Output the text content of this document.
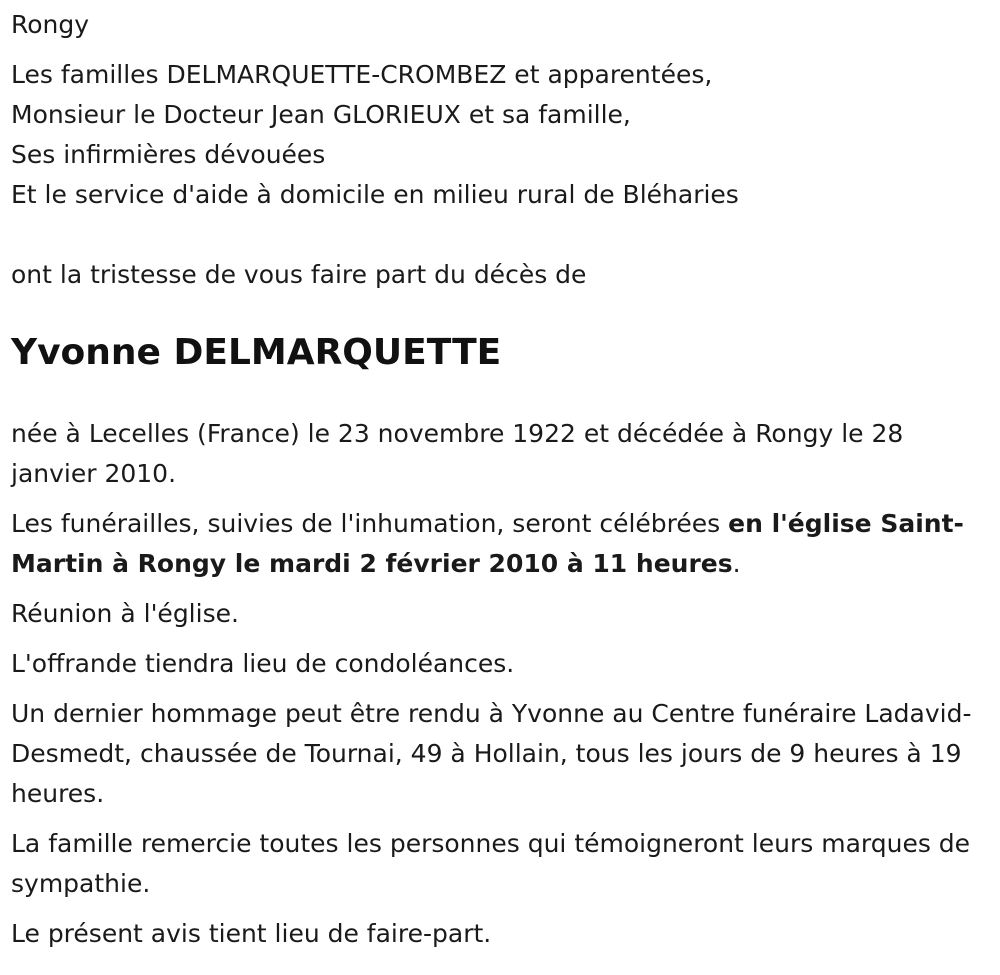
Rongy

Les familles DELMARQUETTE-CROMBEZ et apparentées,
Monsieur le Docteur Jean GLORIEUX et sa famille,
Ses infirmières dévouées
Et le service d'aide à domicile en milieu rural de Bléharies

ont la tristesse de vous faire part du décès de

Yvonne DELMARQUETTE

née à Lecelles (France) le 23 novembre 1922 et décédée à Rongy le 28 janvier 2010.

Les funérailles, suivies de l'inhumation, seront célébrées en l'église Saint-Martin à Rongy le mardi 2 février 2010 à 11 heures.

Réunion à l'église.

L'offrande tiendra lieu de condoléances.

Un dernier hommage peut être rendu à Yvonne au Centre funéraire Ladavid-Desmedt, chaussée de Tournai, 49 à Hollain, tous les jours de 9 heures à 19 heures.

La famille remercie toutes les personnes qui témoigneront leurs marques de sympathie.

Le présent avis tient lieu de faire-part.
